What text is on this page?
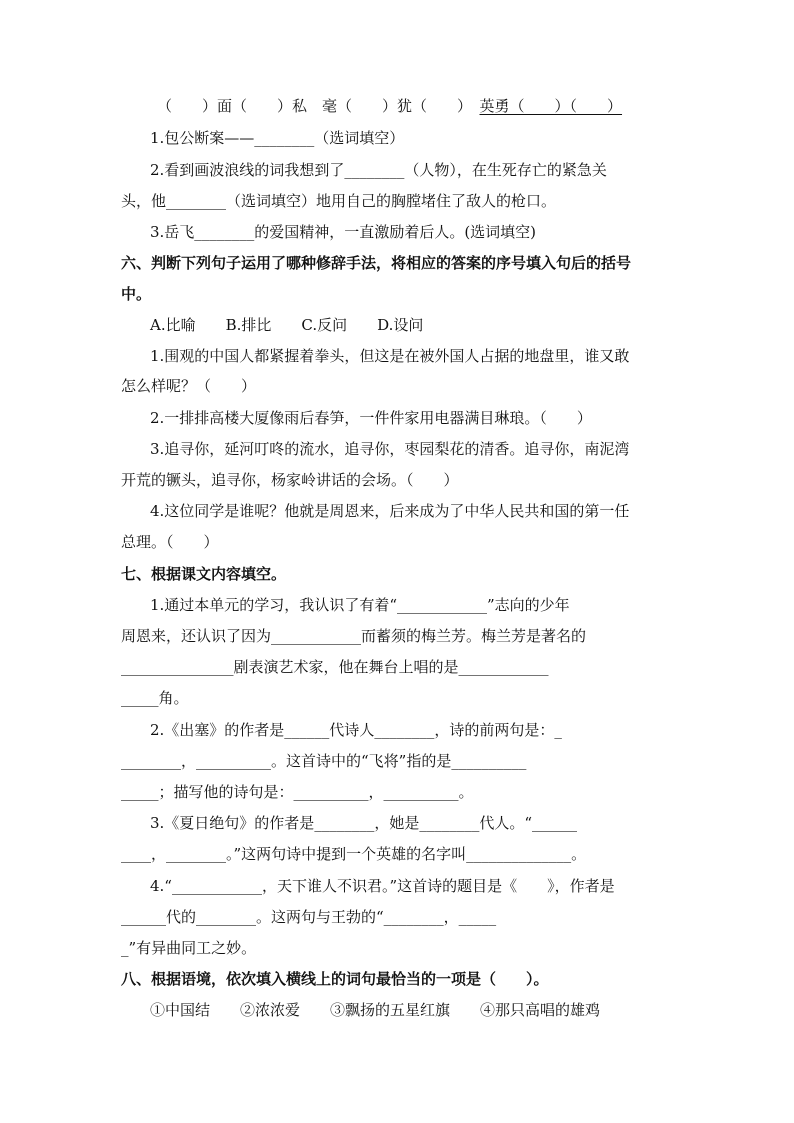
（　　）面（　　）私　毫（　　）犹（　　）　英勇（　　）（　　）
1.包公断案——________（选词填空）
2.看到画波浪线的词我想到了________（人物），在生死存亡的紧急关
头，他________（选词填空）地用自己的胸膛堵住了敌人的枪口。
3.岳飞________的爱国精神，一直激励着后人。(选词填空)
六、判断下列句子运用了哪种修辞手法，将相应的答案的序号填入句后的括号
中。
A.比喻　　B.排比　　C.反问　　D.设问
1.围观的中国人都紧握着拳头，但这是在被外国人占据的地盘里，谁又敢
怎么样呢？（　　）
2.一排排高楼大厦像雨后春笋，一件件家用电器满目琳琅。（　　）
3.追寻你，延河叮咚的流水，追寻你，枣园梨花的清香。追寻你，南泥湾
开荒的镢头，追寻你，杨家岭讲话的会场。（　　）
4.这位同学是谁呢？他就是周恩来，后来成为了中华人民共和国的第一任
总理。（　　）
七、根据课文内容填空。
1.通过本单元的学习，我认识了有着“____________”志向的少年
周恩来，还认识了因为____________而蓄须的梅兰芳。梅兰芳是著名的
_______________剧表演艺术家，他在舞台上唱的是____________
_____角。
2.《出塞》的作者是______代诗人________，诗的前两句是：_
________，__________。这首诗中的“飞将”指的是__________
_____；描写他的诗句是：__________，__________。
3.《夏日绝句》的作者是________，她是________代人。“______
____，________。”这两句诗中提到一个英雄的名字叫______________。
4.“____________，天下谁人不识君。”这首诗的题目是《　　》，作者是
______代的________。这两句与王勃的“________，_____
_”有异曲同工之妙。
八、根据语境，依次填入横线上的词句最恰当的一项是（　　）。
①中国结　　②浓浓爱　　③飘扬的五星红旗　　④那只高唱的雄鸡
